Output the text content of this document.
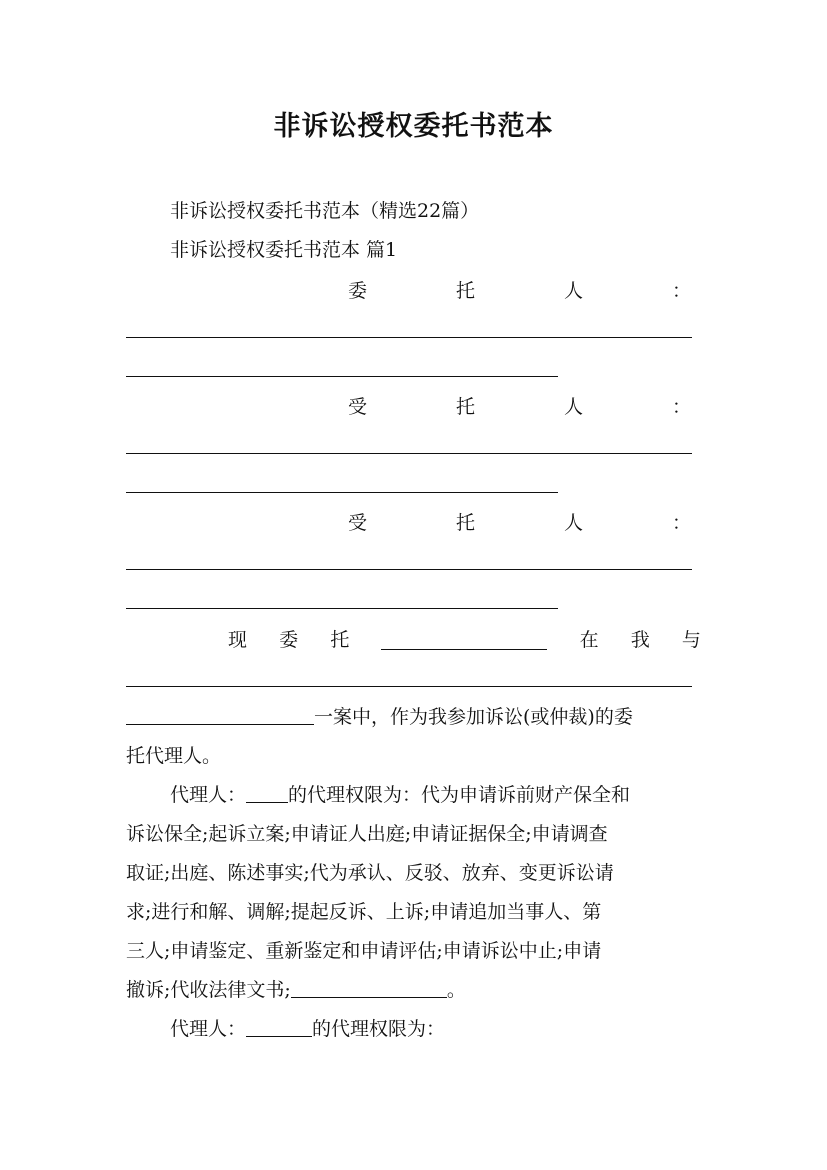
非诉讼授权委托书范本
非诉讼授权委托书范本（精选22篇）
非诉讼授权委托书范本 篇1
委	托	人	：
受	托	人	：
受	托	人	：
现 委 托	在 我 与
一案中，作为我参加诉讼(或仲裁)的委
托代理人。
代理人： 的代理权限为：代为申请诉前财产保全和
诉讼保全;起诉立案;申请证人出庭;申请证据保全;申请调查
取证;出庭、陈述事实;代为承认、反驳、放弃、变更诉讼请
求;进行和解、调解;提起反诉、上诉;申请追加当事人、第
三人;申请鉴定、重新鉴定和申请评估;申请诉讼中止;申请
撤诉;代收法律文书;	。
代理人：	的代理权限为：
